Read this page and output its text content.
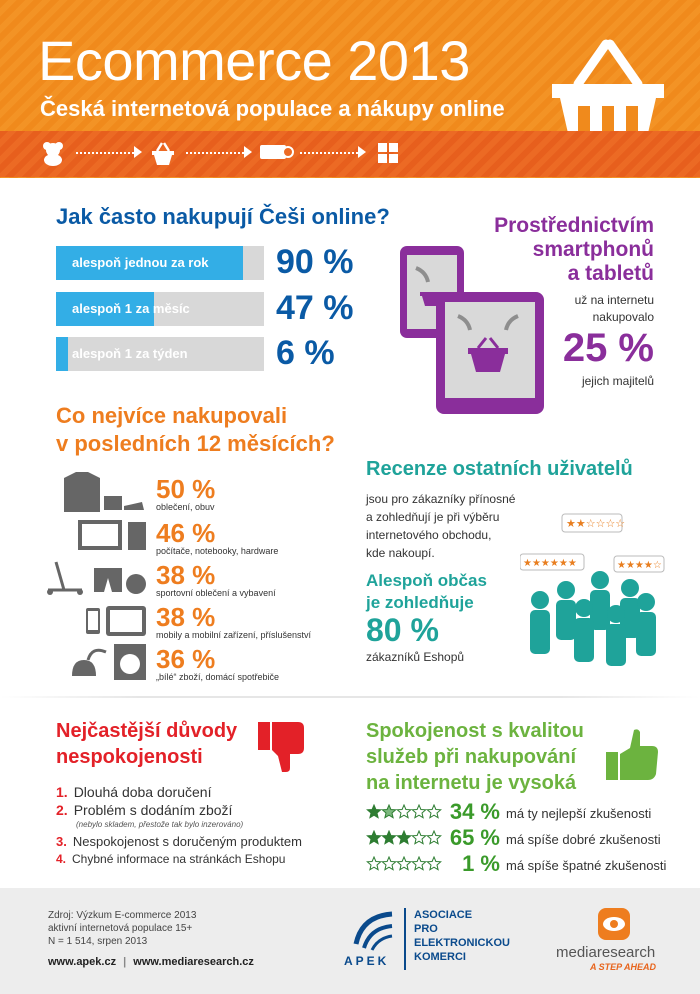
Ecommerce 2013
Česká internetová populace a nákupy online
Jak často nakupují Češi online?
alespoň jednou za rok 90 %
alespoň 1 za měsíc	47 %
alespoň 1 za týden	6 %
Prostřednictvím
smartphonů
a tabletů
už na internetu
nakupovalo
25 %
jejich majitelů
Co nejvíce nakupovali
v posledních 12 měsících?
50 %
oblečení, obuv
46 %
počítače, notebooky, hardware
38 %
sportovní oblečení a vybavení
38 %
mobily a mobilní zařízení, příslušenství
36 %
„bílé“ zboží, domácí spotřebiče
Recenze ostatních uživatelů
jsou pro zákazníky přínosné
a zohledňují je při výběru
internetového obchodu,
kde nakoupí.
Alespoň občas
je zohledňuje
80 %
zákazníků Eshopů
★★☆☆☆☆
★★★★★★	★★★★☆
Nejčastější důvody
nespokojenosti
1. Dlouhá doba doručení
2. Problém s dodáním zboží
(nebylo skladem, přestože tak bylo inzerováno)
3. Nespokojenost s doručeným produktem
4. Chybné informace na stránkách Eshopu
Spokojenost s kvalitou
služeb při nakupování
na internetu je vysoká
34 % má ty nejlepší zkušenosti
65 % má spíše dobré zkušenosti
1 % má spíše špatné zkušenosti
Zdroj: Výzkum E-commerce 2013
aktivní internetová populace 15+
N = 1 514, srpen 2013
www.apek.cz | www.mediaresearch.cz	APEK
ASOCIACE
PRO
ELEKTRONICKOU
KOMERCI	mediaresearch
A STEP AHEAD
